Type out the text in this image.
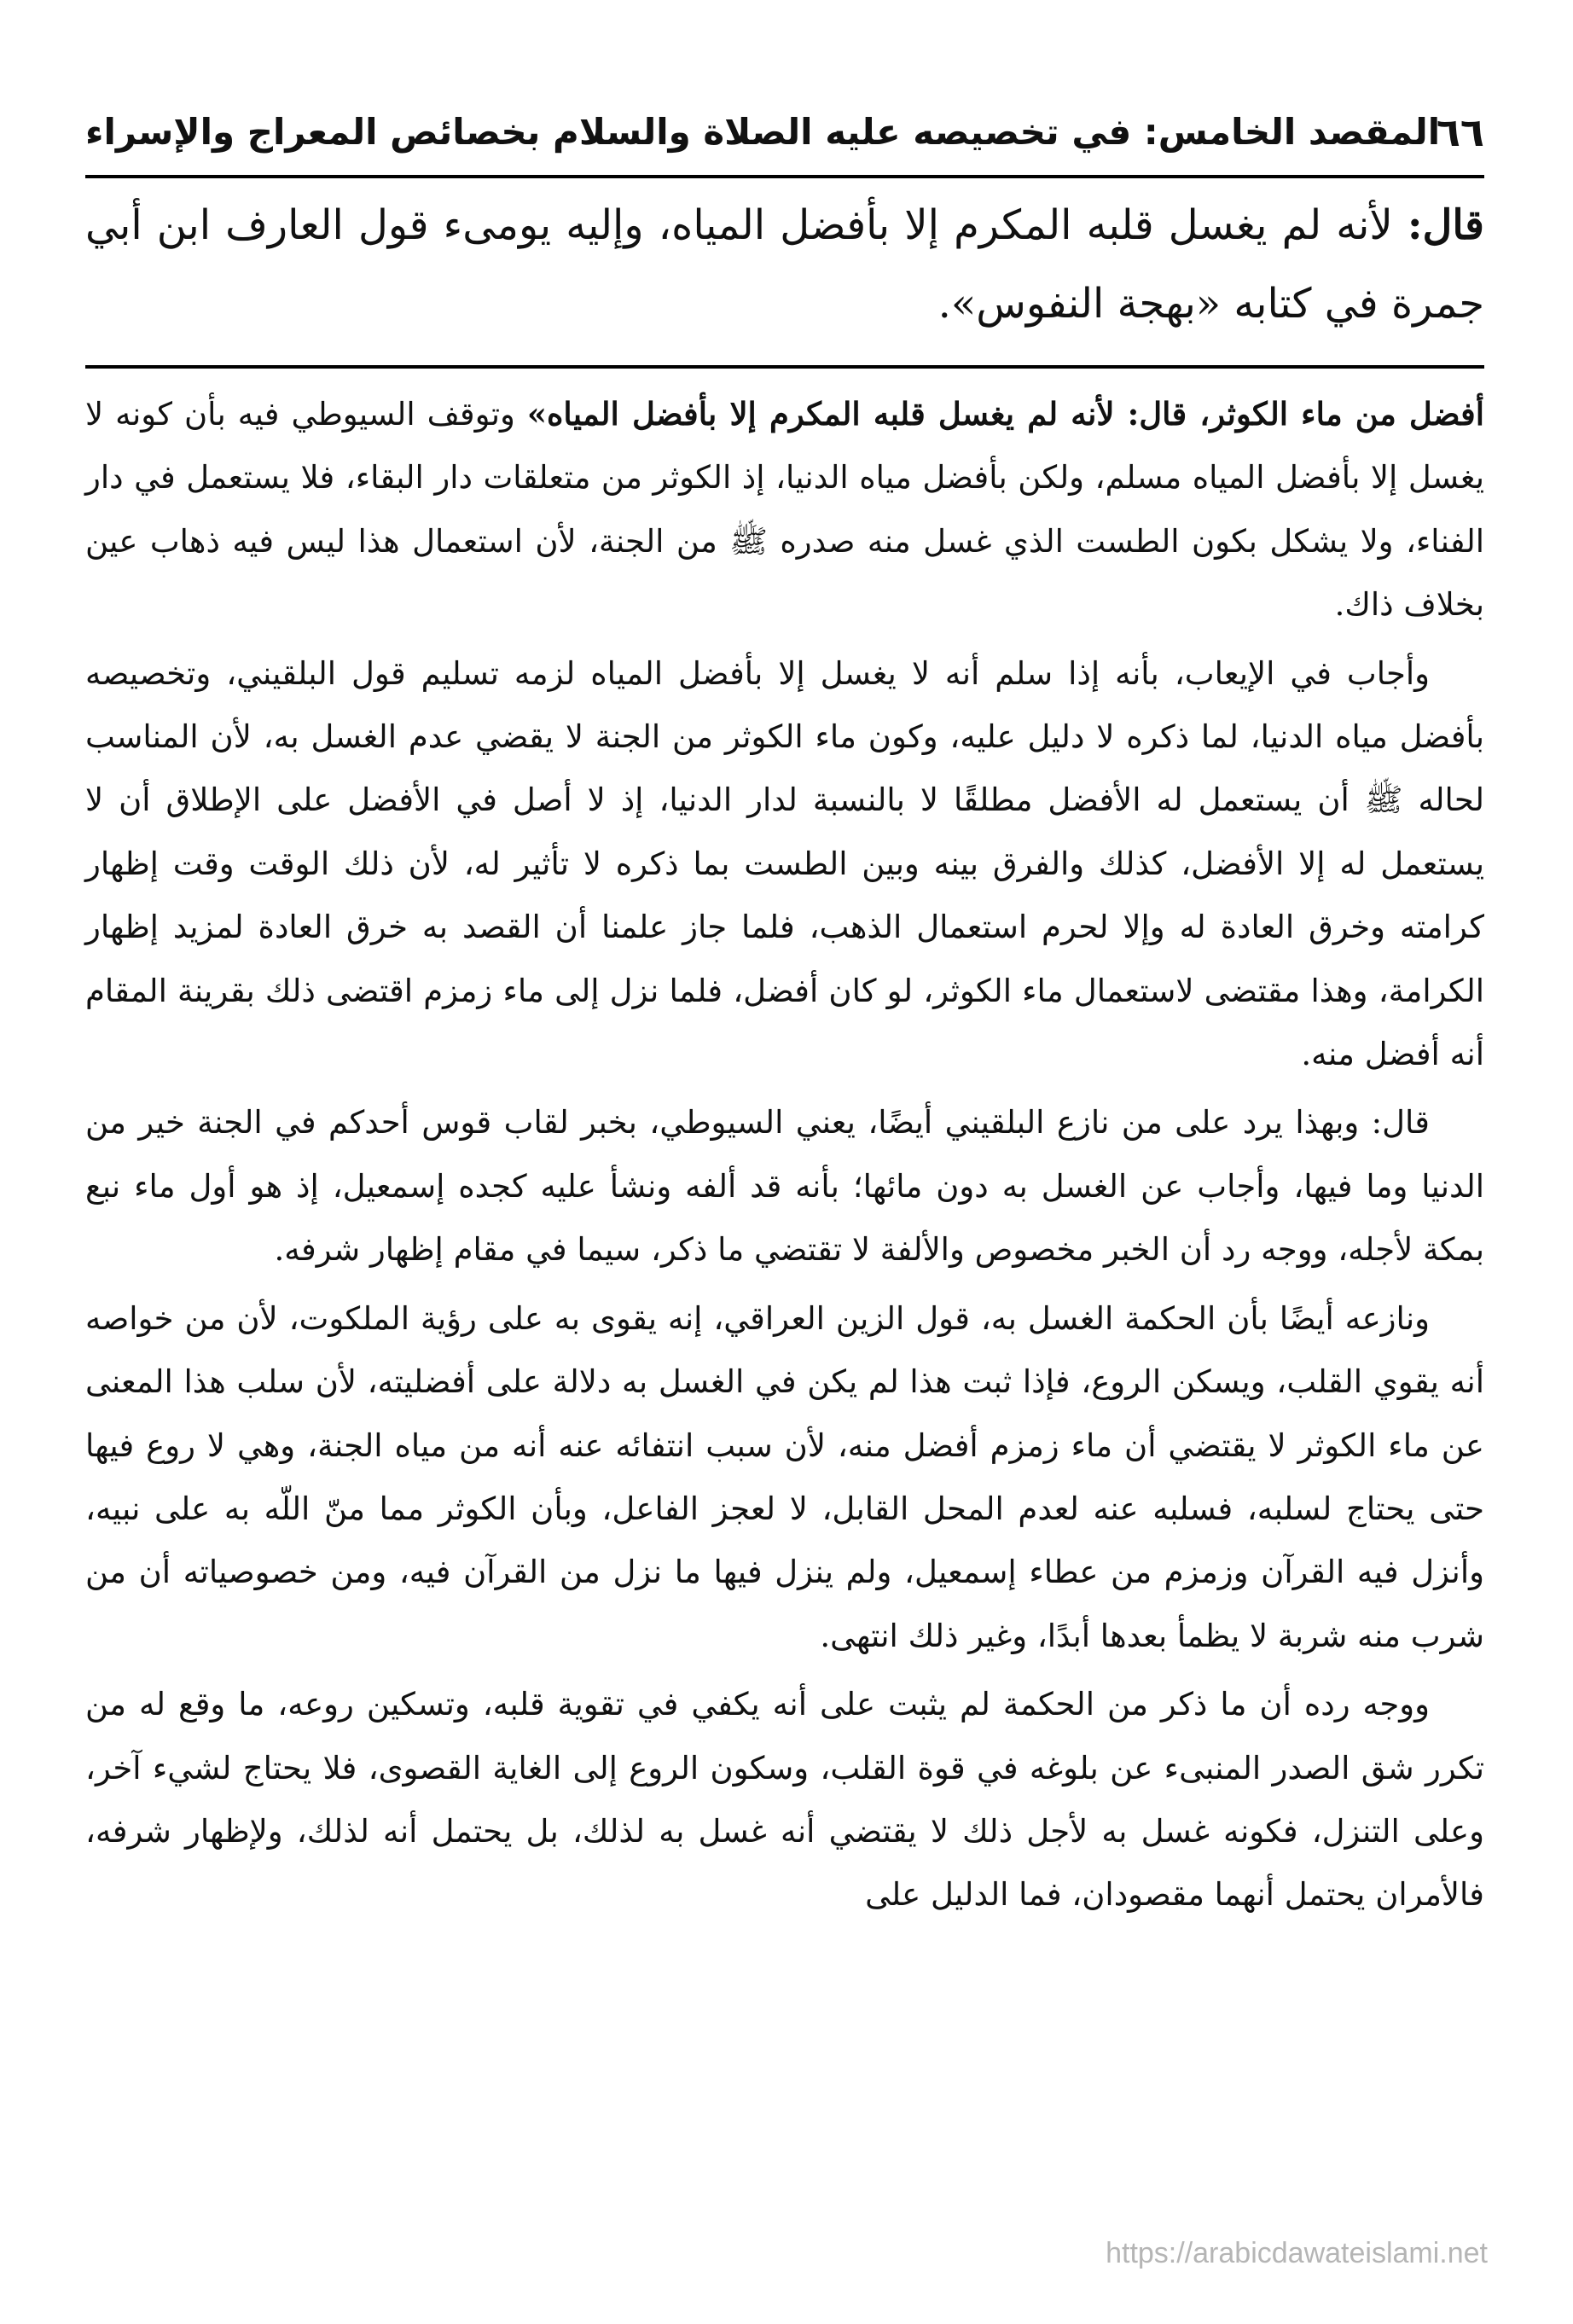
٦٦
المقصد الخامس: في تخصيصه عليه الصلاة والسلام بخصائص المعراج والإسراء
قال: لأنه لم يغسل قلبه المكرم إلا بأفضل المياه، وإليه يومىء قول العارف ابن أبي جمرة في كتابه «بهجة النفوس».

أفضل من ماء الكوثر، قال: لأنه لم يغسل قلبه المكرم إلا بأفضل المياه» وتوقف السيوطي فيه بأن كونه لا يغسل إلا بأفضل المياه مسلم، ولكن بأفضل مياه الدنيا، إذ الكوثر من متعلقات دار البقاء، فلا يستعمل في دار الفناء، ولا يشكل بكون الطست الذي غسل منه صدره ﷺ من الجنة، لأن استعمال هذا ليس فيه ذهاب عين بخلاف ذاك.

وأجاب في الإيعاب، بأنه إذا سلم أنه لا يغسل إلا بأفضل المياه لزمه تسليم قول البلقيني، وتخصيصه بأفضل مياه الدنيا، لما ذكره لا دليل عليه، وكون ماء الكوثر من الجنة لا يقضي عدم الغسل به، لأن المناسب لحاله ﷺ أن يستعمل له الأفضل مطلقًا لا بالنسبة لدار الدنيا، إذ لا أصل في الأفضل على الإطلاق أن لا يستعمل له إلا الأفضل، كذلك والفرق بينه وبين الطست بما ذكره لا تأثير له، لأن ذلك الوقت وقت إظهار كرامته وخرق العادة له وإلا لحرم استعمال الذهب، فلما جاز علمنا أن القصد به خرق العادة لمزيد إظهار الكرامة، وهذا مقتضى لاستعمال ماء الكوثر، لو كان أفضل، فلما نزل إلى ماء زمزم اقتضى ذلك بقرينة المقام أنه أفضل منه.

قال: وبهذا يرد على من نازع البلقيني أيضًا، يعني السيوطي، بخبر لقاب قوس أحدكم في الجنة خير من الدنيا وما فيها، وأجاب عن الغسل به دون مائها؛ بأنه قد ألفه ونشأ عليه كجده إسمعيل، إذ هو أول ماء نبع بمكة لأجله، ووجه رد أن الخبر مخصوص والألفة لا تقتضي ما ذكر، سيما في مقام إظهار شرفه.

ونازعه أيضًا بأن الحكمة الغسل به، قول الزين العراقي، إنه يقوى به على رؤية الملكوت، لأن من خواصه أنه يقوي القلب، ويسكن الروع، فإذا ثبت هذا لم يكن في الغسل به دلالة على أفضليته، لأن سلب هذا المعنى عن ماء الكوثر لا يقتضي أن ماء زمزم أفضل منه، لأن سبب انتفائه عنه أنه من مياه الجنة، وهي لا روع فيها حتى يحتاج لسلبه، فسلبه عنه لعدم المحل القابل، لا لعجز الفاعل، وبأن الكوثر مما منّ اللّه به على نبيه، وأنزل فيه القرآن وزمزم من عطاء إسمعيل، ولم ينزل فيها ما نزل من القرآن فيه، ومن خصوصياته أن من شرب منه شربة لا يظمأ بعدها أبدًا، وغير ذلك انتهى.

ووجه رده أن ما ذكر من الحكمة لم يثبت على أنه يكفي في تقوية قلبه، وتسكين روعه، ما وقع له من تكرر شق الصدر المنبىء عن بلوغه في قوة القلب، وسكون الروع إلى الغاية القصوى، فلا يحتاج لشيء آخر، وعلى التنزل، فكونه غسل به لأجل ذلك لا يقتضي أنه غسل به لذلك، بل يحتمل أنه لذلك، ولإظهار شرفه، فالأمران يحتمل أنهما مقصودان، فما الدليل على

https://arabicdawateislami.net
